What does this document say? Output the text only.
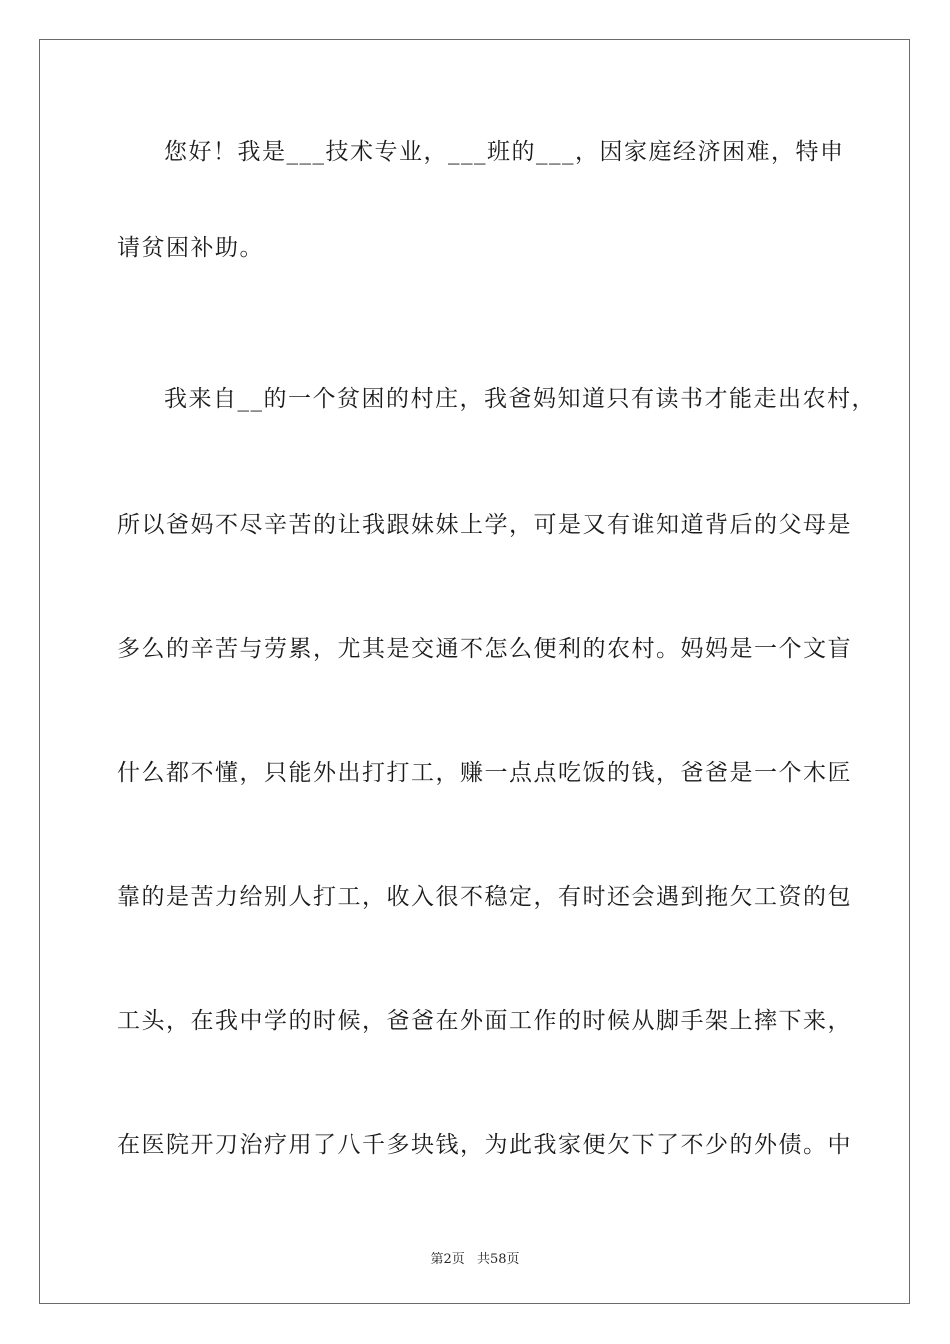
您好！我是___技术专业，___班的___，因家庭经济困难，特申
请贫困补助。
我来自__的一个贫困的村庄，我爸妈知道只有读书才能走出农村，
所以爸妈不尽辛苦的让我跟妹妹上学，可是又有谁知道背后的父母是
多么的辛苦与劳累，尤其是交通不怎么便利的农村。妈妈是一个文盲
什么都不懂，只能外出打打工，赚一点点吃饭的钱，爸爸是一个木匠
靠的是苦力给别人打工，收入很不稳定，有时还会遇到拖欠工资的包
工头，在我中学的时候，爸爸在外面工作的时候从脚手架上摔下来，
在医院开刀治疗用了八千多块钱，为此我家便欠下了不少的外债。中
第2页 共58页
